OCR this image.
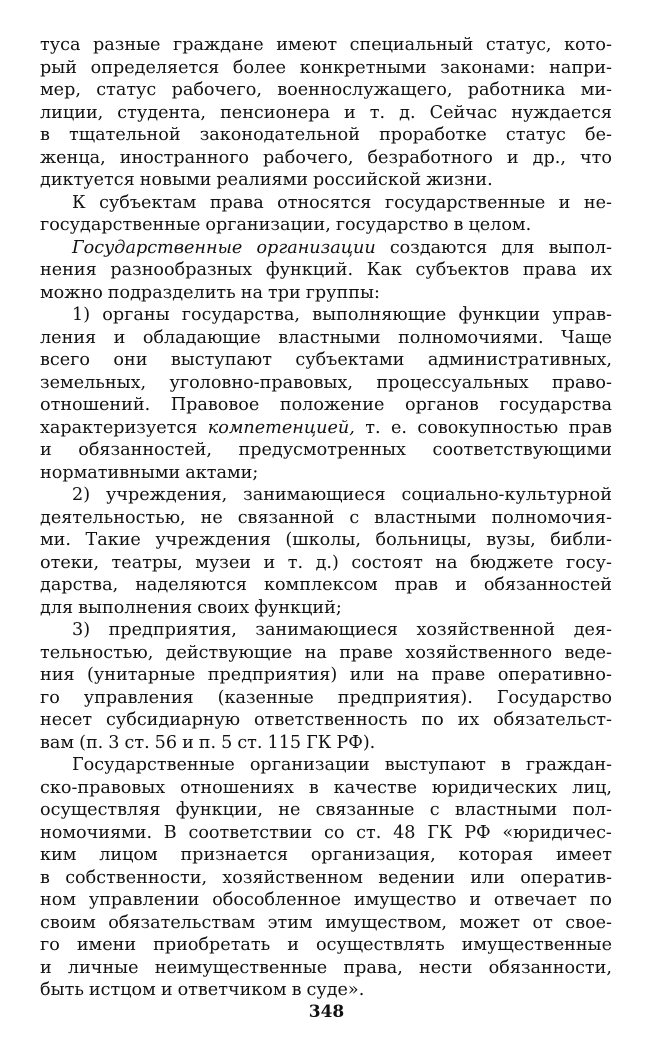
туса разные граждане имеют специальный статус, кото-
рый определяется более конкретными законами: напри-
мер, статус рабочего, военнослужащего, работника ми-
лиции, студента, пенсионера и т. д. Сейчас нуждается
в тщательной законодательной проработке статус бе-
женца, иностранного рабочего, безработного и др., что
диктуется новыми реалиями российской жизни.
К субъектам права относятся государственные и не-
государственные организации, государство в целом.
Государственные организации создаются для выпол-
нения разнообразных функций. Как субъектов права их
можно подразделить на три группы:
1) органы государства, выполняющие функции управ-
ления и обладающие властными полномочиями. Чаще
всего они выступают субъектами административных,
земельных, уголовно-правовых, процессуальных право-
отношений. Правовое положение органов государства
характеризуется компетенцией, т. е. совокупностью прав
и обязанностей, предусмотренных соответствующими
нормативными актами;
2) учреждения, занимающиеся социально-культурной
деятельностью, не связанной с властными полномочия-
ми. Такие учреждения (школы, больницы, вузы, библи-
отеки, театры, музеи и т. д.) состоят на бюджете госу-
дарства, наделяются комплексом прав и обязанностей
для выполнения своих функций;
3) предприятия, занимающиеся хозяйственной дея-
тельностью, действующие на праве хозяйственного веде-
ния (унитарные предприятия) или на праве оперативно-
го управления (казенные предприятия). Государство
несет субсидиарную ответственность по их обязательст-
вам (п. 3 ст. 56 и п. 5 ст. 115 ГК РФ).
Государственные организации выступают в граждан-
ско-правовых отношениях в качестве юридических лиц,
осуществляя функции, не связанные с властными пол-
номочиями. В соответствии со ст. 48 ГК РФ «юридичес-
ким лицом признается организация, которая имеет
в собственности, хозяйственном ведении или оператив-
ном управлении обособленное имущество и отвечает по
своим обязательствам этим имуществом, может от свое-
го имени приобретать и осуществлять имущественные
и личные неимущественные права, нести обязанности,
быть истцом и ответчиком в суде».
348
